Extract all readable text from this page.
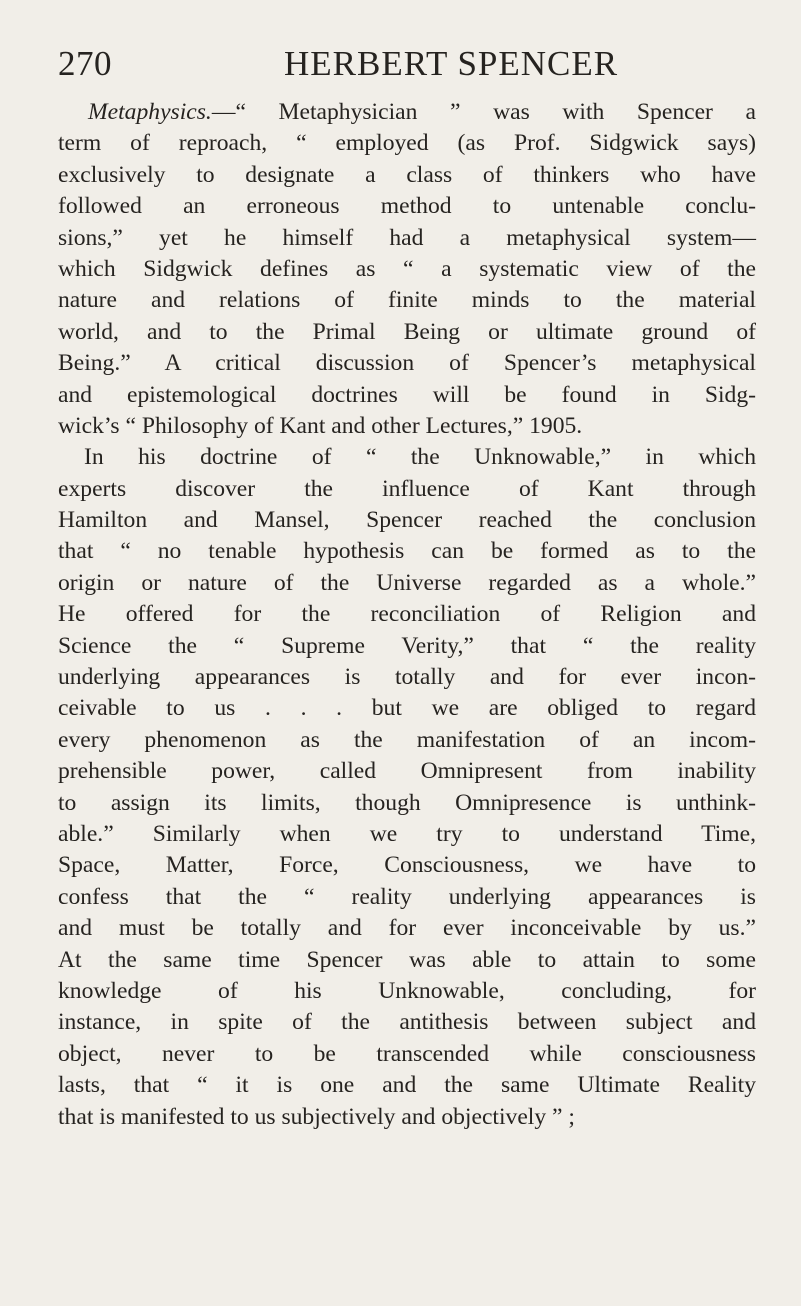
270	HERBERT SPENCER
Metaphysics. —“ Metaphysician ” was with Spencer a
term of reproach, “ employed (as Prof. Sidgwick says)
exclusively to designate a class of thinkers who have
followed an erroneous method to untenable conclu-
sions,” yet he himself had a metaphysical system—
which Sidgwick defines as “ a systematic view of the
nature and relations of finite minds to the material
world, and to the Primal Being or ultimate ground of
Being.” A critical discussion of Spencer’s metaphysical
and epistemological doctrines will be found in Sidg-
wick’s “ Philosophy of Kant and other Lectures,” 1905.
In his doctrine of “ the Unknowable,” in which
experts discover the influence of Kant through
Hamilton and Mansel, Spencer reached the conclusion
that “ no tenable hypothesis can be formed as to the
origin or nature of the Universe regarded as a whole.”
He offered for the reconciliation of Religion and
Science the “ Supreme Verity,” that “ the reality
underlying appearances is totally and for ever incon-
ceivable to us . . . but we are obliged to regard
every phenomenon as the manifestation of an incom-
prehensible power, called Omnipresent from inability
to assign its limits, though Omnipresence is unthink-
able.” Similarly when we try to understand Time,
Space, Matter, Force, Consciousness, we have to
confess that the “ reality underlying appearances is
and must be totally and for ever inconceivable by us.”
At the same time Spencer was able to attain to some
knowledge of his Unknowable, concluding, for
instance, in spite of the antithesis between subject and
object, never to be transcended while consciousness
lasts, that “ it is one and the same Ultimate Reality
that is manifested to us subjectively and objectively ” ;
